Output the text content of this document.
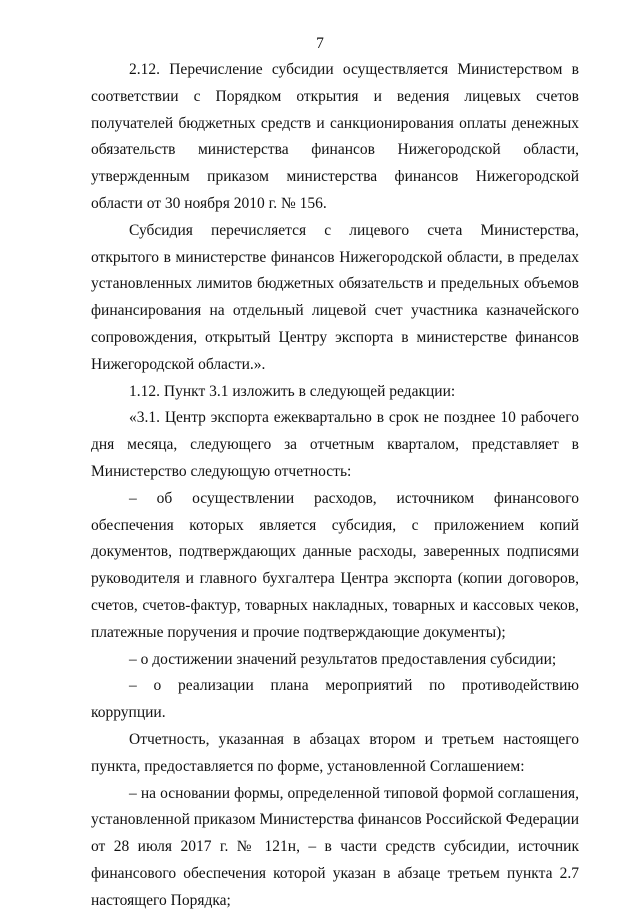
7

2.12. Перечисление субсидии осуществляется Министерством в соответствии с Порядком открытия и ведения лицевых счетов получателей бюджетных средств и санкционирования оплаты денежных обязательств министерства финансов Нижегородской области, утвержденным приказом министерства финансов Нижегородской области от 30 ноября 2010 г. № 156.

Субсидия перечисляется с лицевого счета Министерства, открытого в министерстве финансов Нижегородской области, в пределах установленных лимитов бюджетных обязательств и предельных объемов финансирования на отдельный лицевой счет участника казначейского сопровождения, открытый Центру экспорта в министерстве финансов Нижегородской области.».

1.12. Пункт 3.1 изложить в следующей редакции:

«3.1. Центр экспорта ежеквартально в срок не позднее 10 рабочего дня месяца, следующего за отчетным кварталом, представляет в Министерство следующую отчетность:

– об осуществлении расходов, источником финансового обеспечения которых является субсидия, с приложением копий документов, подтверждающих данные расходы, заверенных подписями руководителя и главного бухгалтера Центра экспорта (копии договоров, счетов, счетов-фактур, товарных накладных, товарных и кассовых чеков, платежные поручения и прочие подтверждающие документы);

– о достижении значений результатов предоставления субсидии;

– о реализации плана мероприятий по противодействию коррупции.

Отчетность, указанная в абзацах втором и третьем настоящего пункта, предоставляется по форме, установленной Соглашением:

– на основании формы, определенной типовой формой соглашения, установленной приказом Министерства финансов Российской Федерации от 28 июля 2017 г. № 121н, – в части средств субсидии, источник финансового обеспечения которой указан в абзаце третьем пункта 2.7 настоящего Порядка;
